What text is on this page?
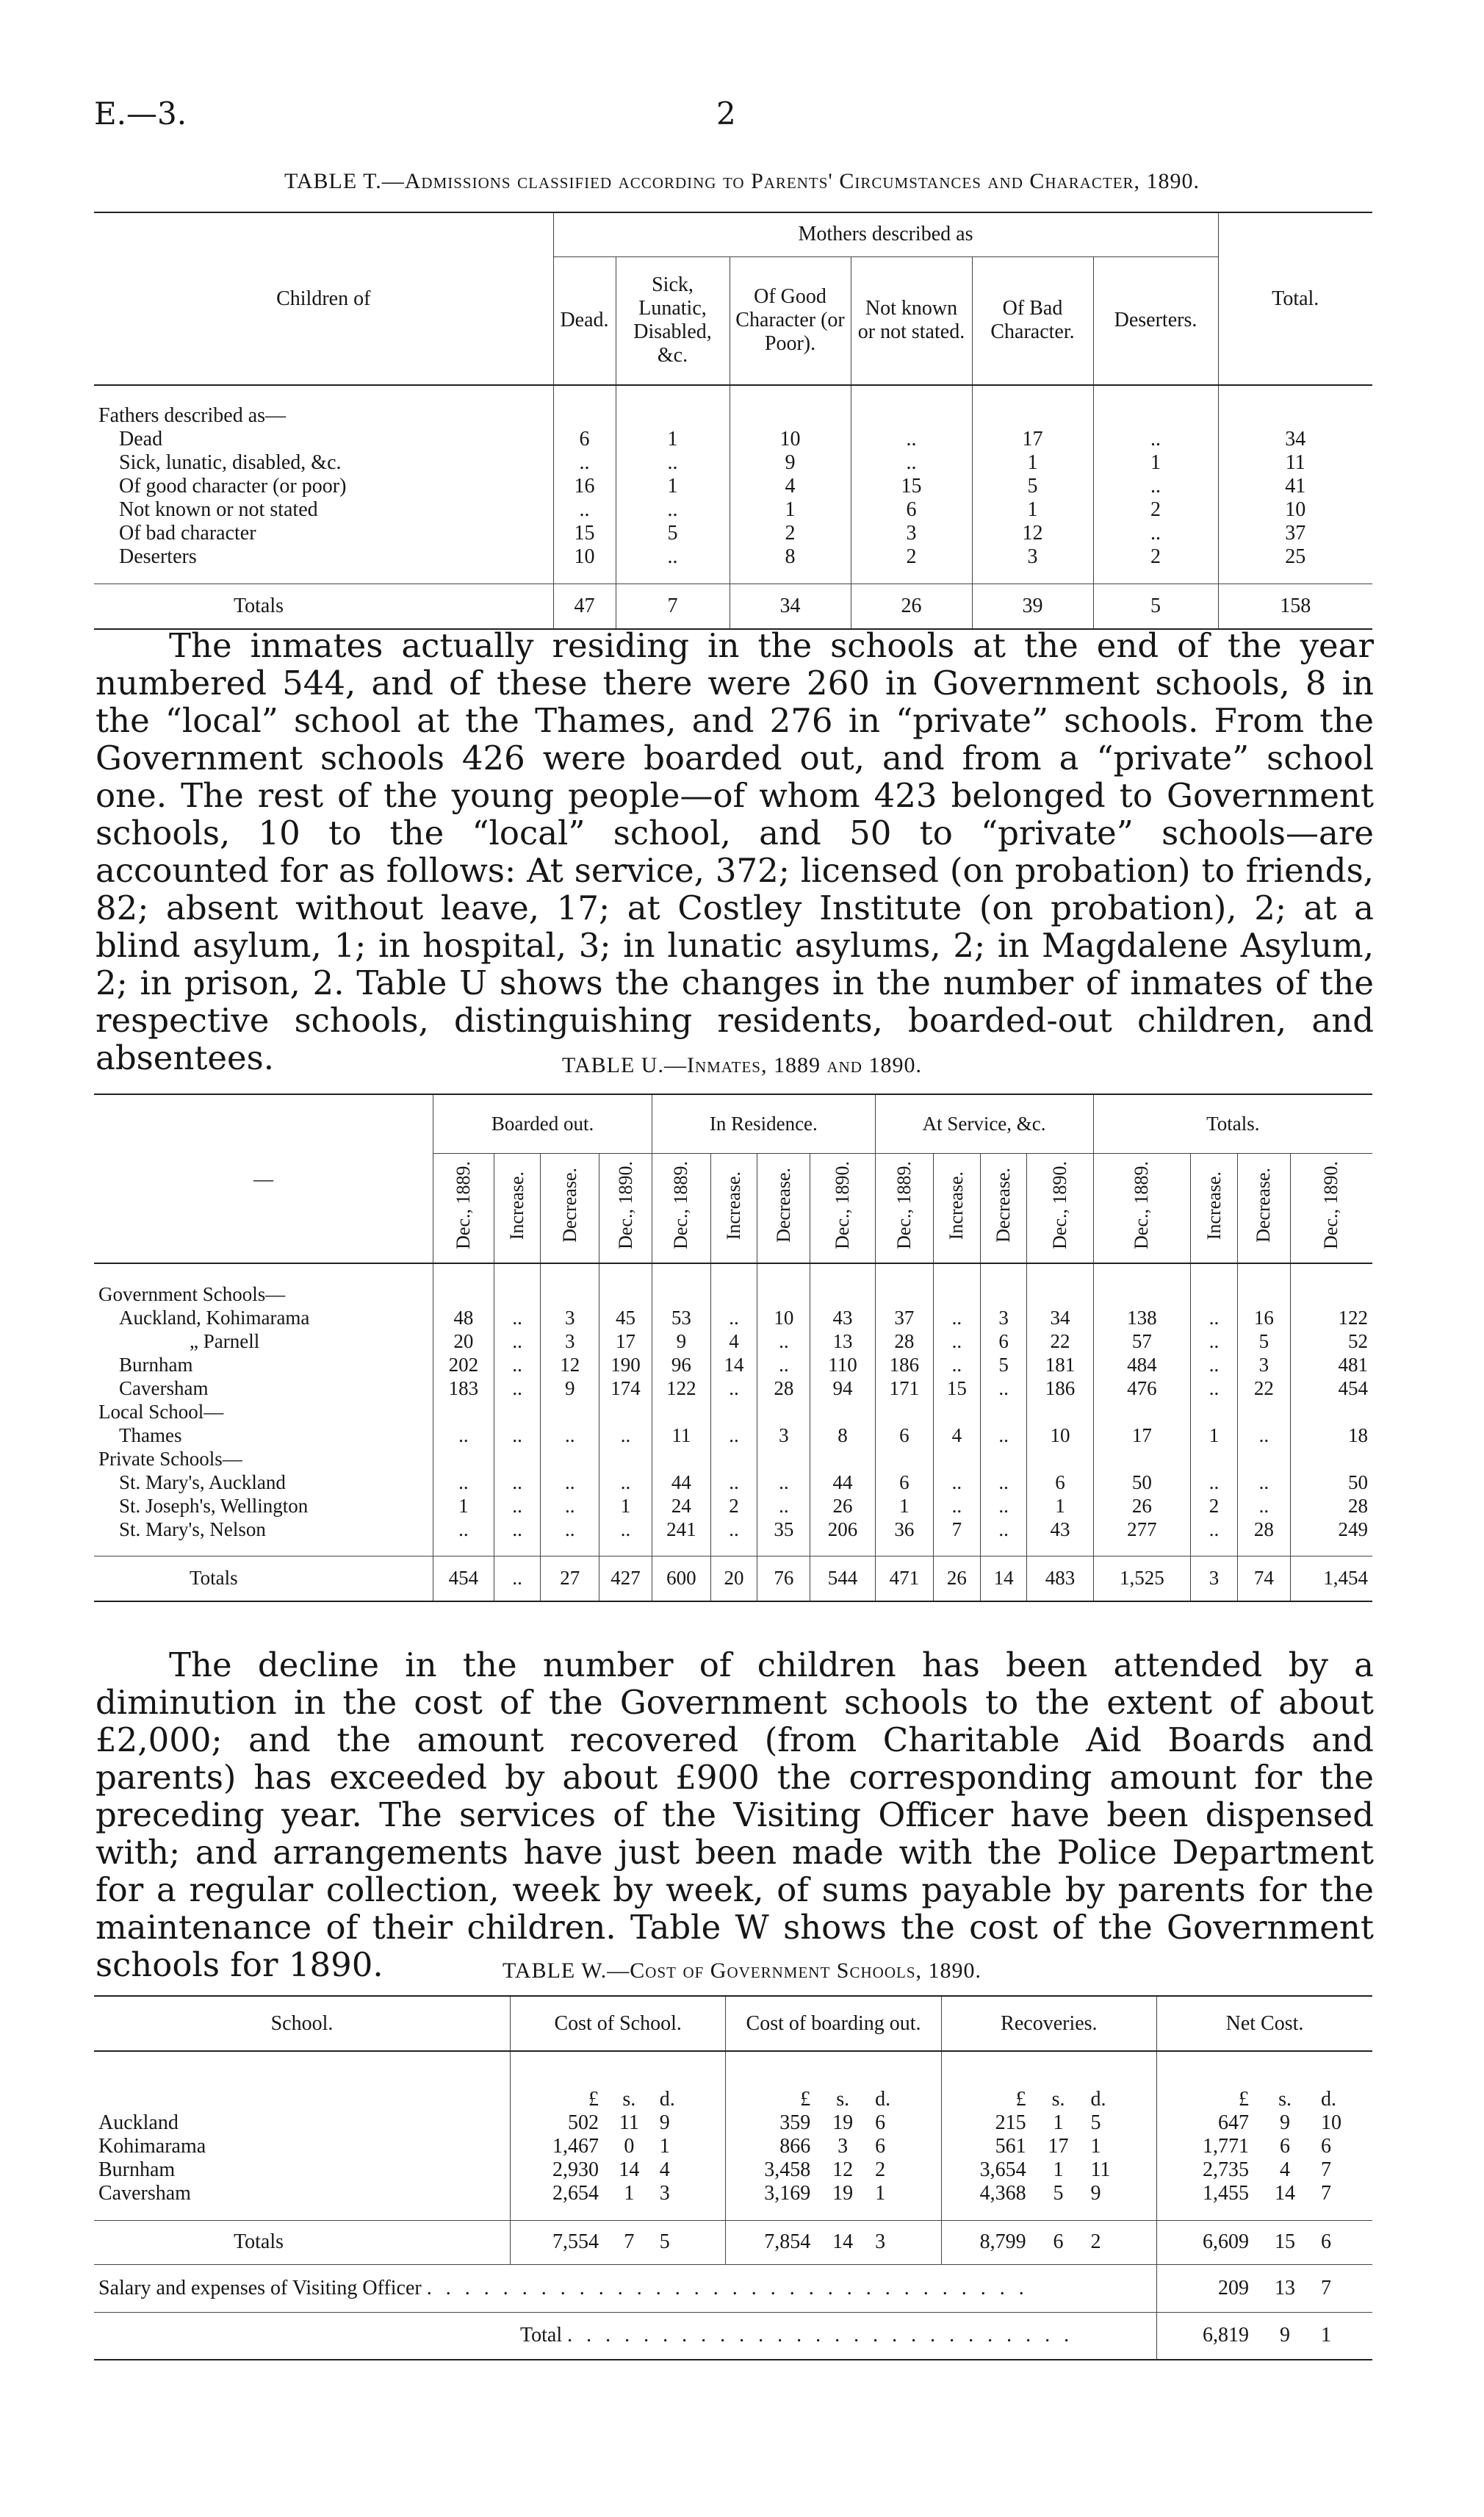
E.—3.	2
TABLE T.—Admissions classified according to Parents' Circumstances and Character, 1890.
Children of	Mothers described as						Total.
	Dead.	Sick, Lunatic, Disabled, &c.	Of Good Character (or Poor).	Not known or not stated.	Of Bad Character.	Deserters.	

Fathers described as—							
Dead	6	1	10	..	17	..	34
Sick, lunatic, disabled, &c.	..	..	9	..	1	1	11
Of good character (or poor)	16	1	4	15	5	..	41
Not known or not stated	..	..	1	6	1	2	10
Of bad character	15	5	2	3	12	..	37
Deserters	10	..	8	2	3	2	25

Totals	47	7	34	26	39	5	158
The inmates actually residing in the schools at the end of the year numbered 544, and of these there were 260 in Government schools, 8 in the “local” school at the Thames, and 276 in “private” schools. From the Government schools 426 were boarded out, and from a “private” school one. The rest of the young people—of whom 423 belonged to Government schools, 10 to the “local” school, and 50 to “private” schools—are accounted for as follows: At service, 372; licensed (on probation) to friends, 82; absent without leave, 17; at Costley Institute (on probation), 2; at a blind asylum, 1; in hospital, 3; in lunatic asylums, 2; in Magdalene Asylum, 2; in prison, 2. Table U shows the changes in the number of inmates of the respective schools, distinguishing residents, boarded-out children, and absentees.	TABLE U.—Inmates, 1889 and 1890.
—	Boarded out.				In Residence.				At Service, &c.				Totals.			
	Dec., 1889.	Increase.	Decrease.	Dec., 1890.	Dec., 1889.	Increase.	Decrease.	Dec., 1890.	Dec., 1889.	Increase.	Decrease.	Dec., 1890.	Dec., 1889.	Increase.	Decrease.	Dec., 1890.

Government Schools—																
Auckland, Kohimarama	48	..	3	45	53	..	10	43	37	..	3	34	138	..	16	122
„ Parnell	20	..	3	17	9	4	..	13	28	..	6	22	57	..	5	52
Burnham	202	..	12	190	96	14	..	110	186	..	5	181	484	..	3	481
Caversham	183	..	9	174	122	..	28	94	171	15	..	186	476	..	22	454
Local School—																
Thames	..	..	..	..	11	..	3	8	6	4	..	10	17	1	..	18
Private Schools—																
St. Mary's, Auckland	..	..	..	..	44	..	..	44	6	..	..	6	50	..	..	50
St. Joseph's, Wellington	1	..	..	1	24	2	..	26	1	..	..	1	26	2	..	28
St. Mary's, Nelson	..	..	..	..	241	..	35	206	36	7	..	43	277	..	28	249

Totals	454	..	27	427	600	20	76	544	471	26	14	483	1,525	3	74	1,454
The decline in the number of children has been attended by a diminution in the cost of the Government schools to the extent of about £2,000; and the amount recovered (from Charitable Aid Boards and parents) has exceeded by about £900 the corresponding amount for the preceding year. The services of the Visiting Officer have been dispensed with; and arrangements have just been made with the Police Department for a regular collection, week by week, of sums payable by parents for the maintenance of their children. Table W shows the cost of the Government schools for 1890.	TABLE W.—Cost of Government Schools, 1890.
School.	Cost of School.			Cost of boarding out.			Recoveries.			Net Cost.		

	£	s.	d.	£	s.	d.	£	s.	d.	£	s.	d.
Auckland	502	11	9	359	19	6	215	1	5	647	9	10
Kohimarama	1,467	0	1	866	3	6	561	17	1	1,771	6	6
Burnham	2,930	14	4	3,458	12	2	3,654	1	11	2,735	4	7
Caversham	2,654	1	3	3,169	19	1	4,368	5	9	1,455	14	7

Totals	7,554	7	5	7,854	14	3	8,799	6	2	6,609	15	6
Salary and expenses of Visiting Officer . . . . . . . . . . . . . . . . . . . . . . . . . . . . . . . .										209	13	7
Total . . . . . . . . . . . . . . . . . . . . . . . . . . .										6,819	9	1
